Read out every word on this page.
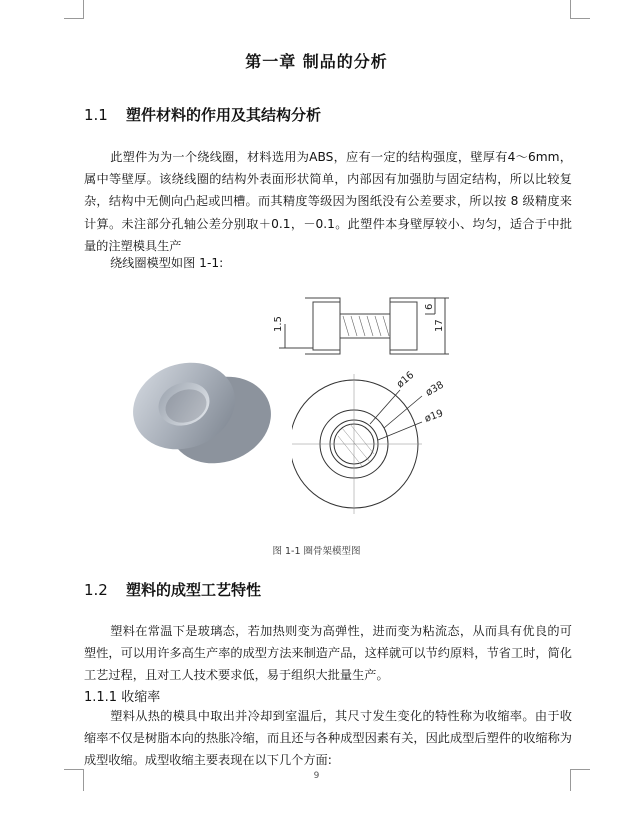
第一章 制品的分析
1.1 塑件材料的作用及其结构分析
此塑件为为一个绕线圈，材料选用为ABS，应有一定的结构强度，壁厚有4～6mm，属中等壁厚。该绕线圈的结构外表面形状简单，内部因有加强肋与固定结构，所以比较复杂，结构中无侧向凸起或凹槽。而其精度等级因为图纸没有公差要求，所以按 8 级精度来计算。未注部分孔轴公差分别取＋0.1，－0.1。此塑件本身壁厚较小、均匀，适合于中批量的注塑模具生产
绕线圈模型如图 1-1:
1.5
6
17
ø16 ø38
ø19
图 1-1 圈骨架模型图
1.2 塑料的成型工艺特性
塑料在常温下是玻璃态，若加热则变为高弹性，进而变为粘流态，从而具有优良的可塑性，可以用许多高生产率的成型方法来制造产品，这样就可以节约原料，节省工时，简化工艺过程，且对工人技术要求低，易于组织大批量生产。
1.1.1 收缩率
塑料从热的模具中取出并冷却到室温后，其尺寸发生变化的特性称为收缩率。由于收缩率不仅是树脂本向的热胀冷缩，而且还与各种成型因素有关，因此成型后塑件的收缩称为成型收缩。成型收缩主要表现在以下几个方面:
9
